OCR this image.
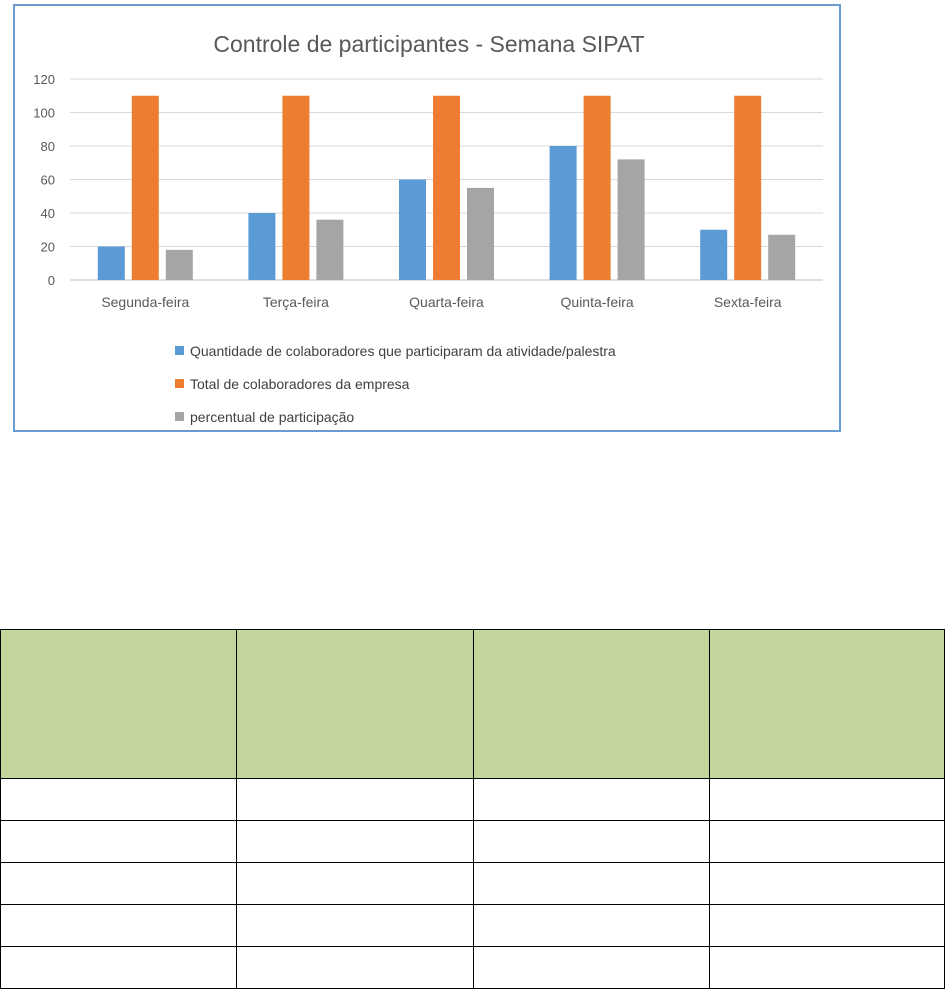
Controle de participantes - Semana SIPAT
0
20
40
60
80
100
120
Segunda-feira	Terça-feira	Quarta-feira	Quinta-feira	Sexta-feira
Quantidade de colaboradores que participaram da atividade/palestra
Total de colaboradores da empresa
percentual de participação
